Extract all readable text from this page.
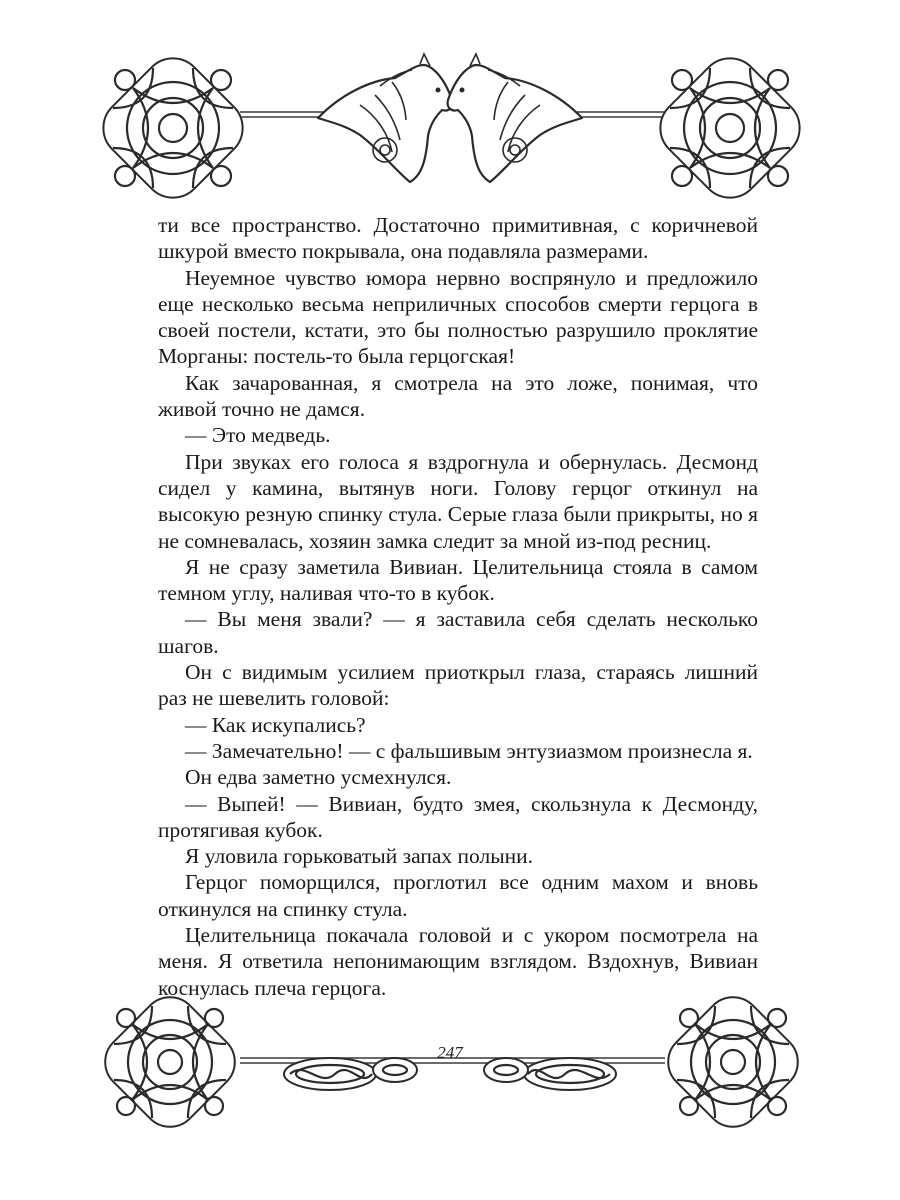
ти все пространство. Достаточно примитивная, с коричневой шкурой вместо покрывала, она подавляла размерами.

Неуемное чувство юмора нервно воспрянуло и предложило еще несколько весьма неприличных способов смерти герцога в своей постели, кстати, это бы полностью разрушило проклятие Морганы: постель-то была герцогская!

Как зачарованная, я смотрела на это ложе, понимая, что живой точно не дамся.

— Это медведь.

При звуках его голоса я вздрогнула и обернулась. Десмонд сидел у камина, вытянув ноги. Голову герцог откинул на высокую резную спинку стула. Серые глаза были прикрыты, но я не сомневалась, хозяин замка следит за мной из-под ресниц.

Я не сразу заметила Вивиан. Целительница стояла в самом темном углу, наливая что-то в кубок.

— Вы меня звали? — я заставила себя сделать несколько шагов.

Он с видимым усилием приоткрыл глаза, стараясь лишний раз не шевелить головой:

— Как искупались?

— Замечательно! — с фальшивым энтузиазмом произнесла я.

Он едва заметно усмехнулся.

— Выпей! — Вивиан, будто змея, скользнула к Десмонду, протягивая кубок.

Я уловила горьковатый запах полыни.

Герцог поморщился, проглотил все одним махом и вновь откинулся на спинку стула.

Целительница покачала головой и с укором посмотрела на меня. Я ответила непонимающим взглядом. Вздохнув, Вивиан коснулась плеча герцога.

247
